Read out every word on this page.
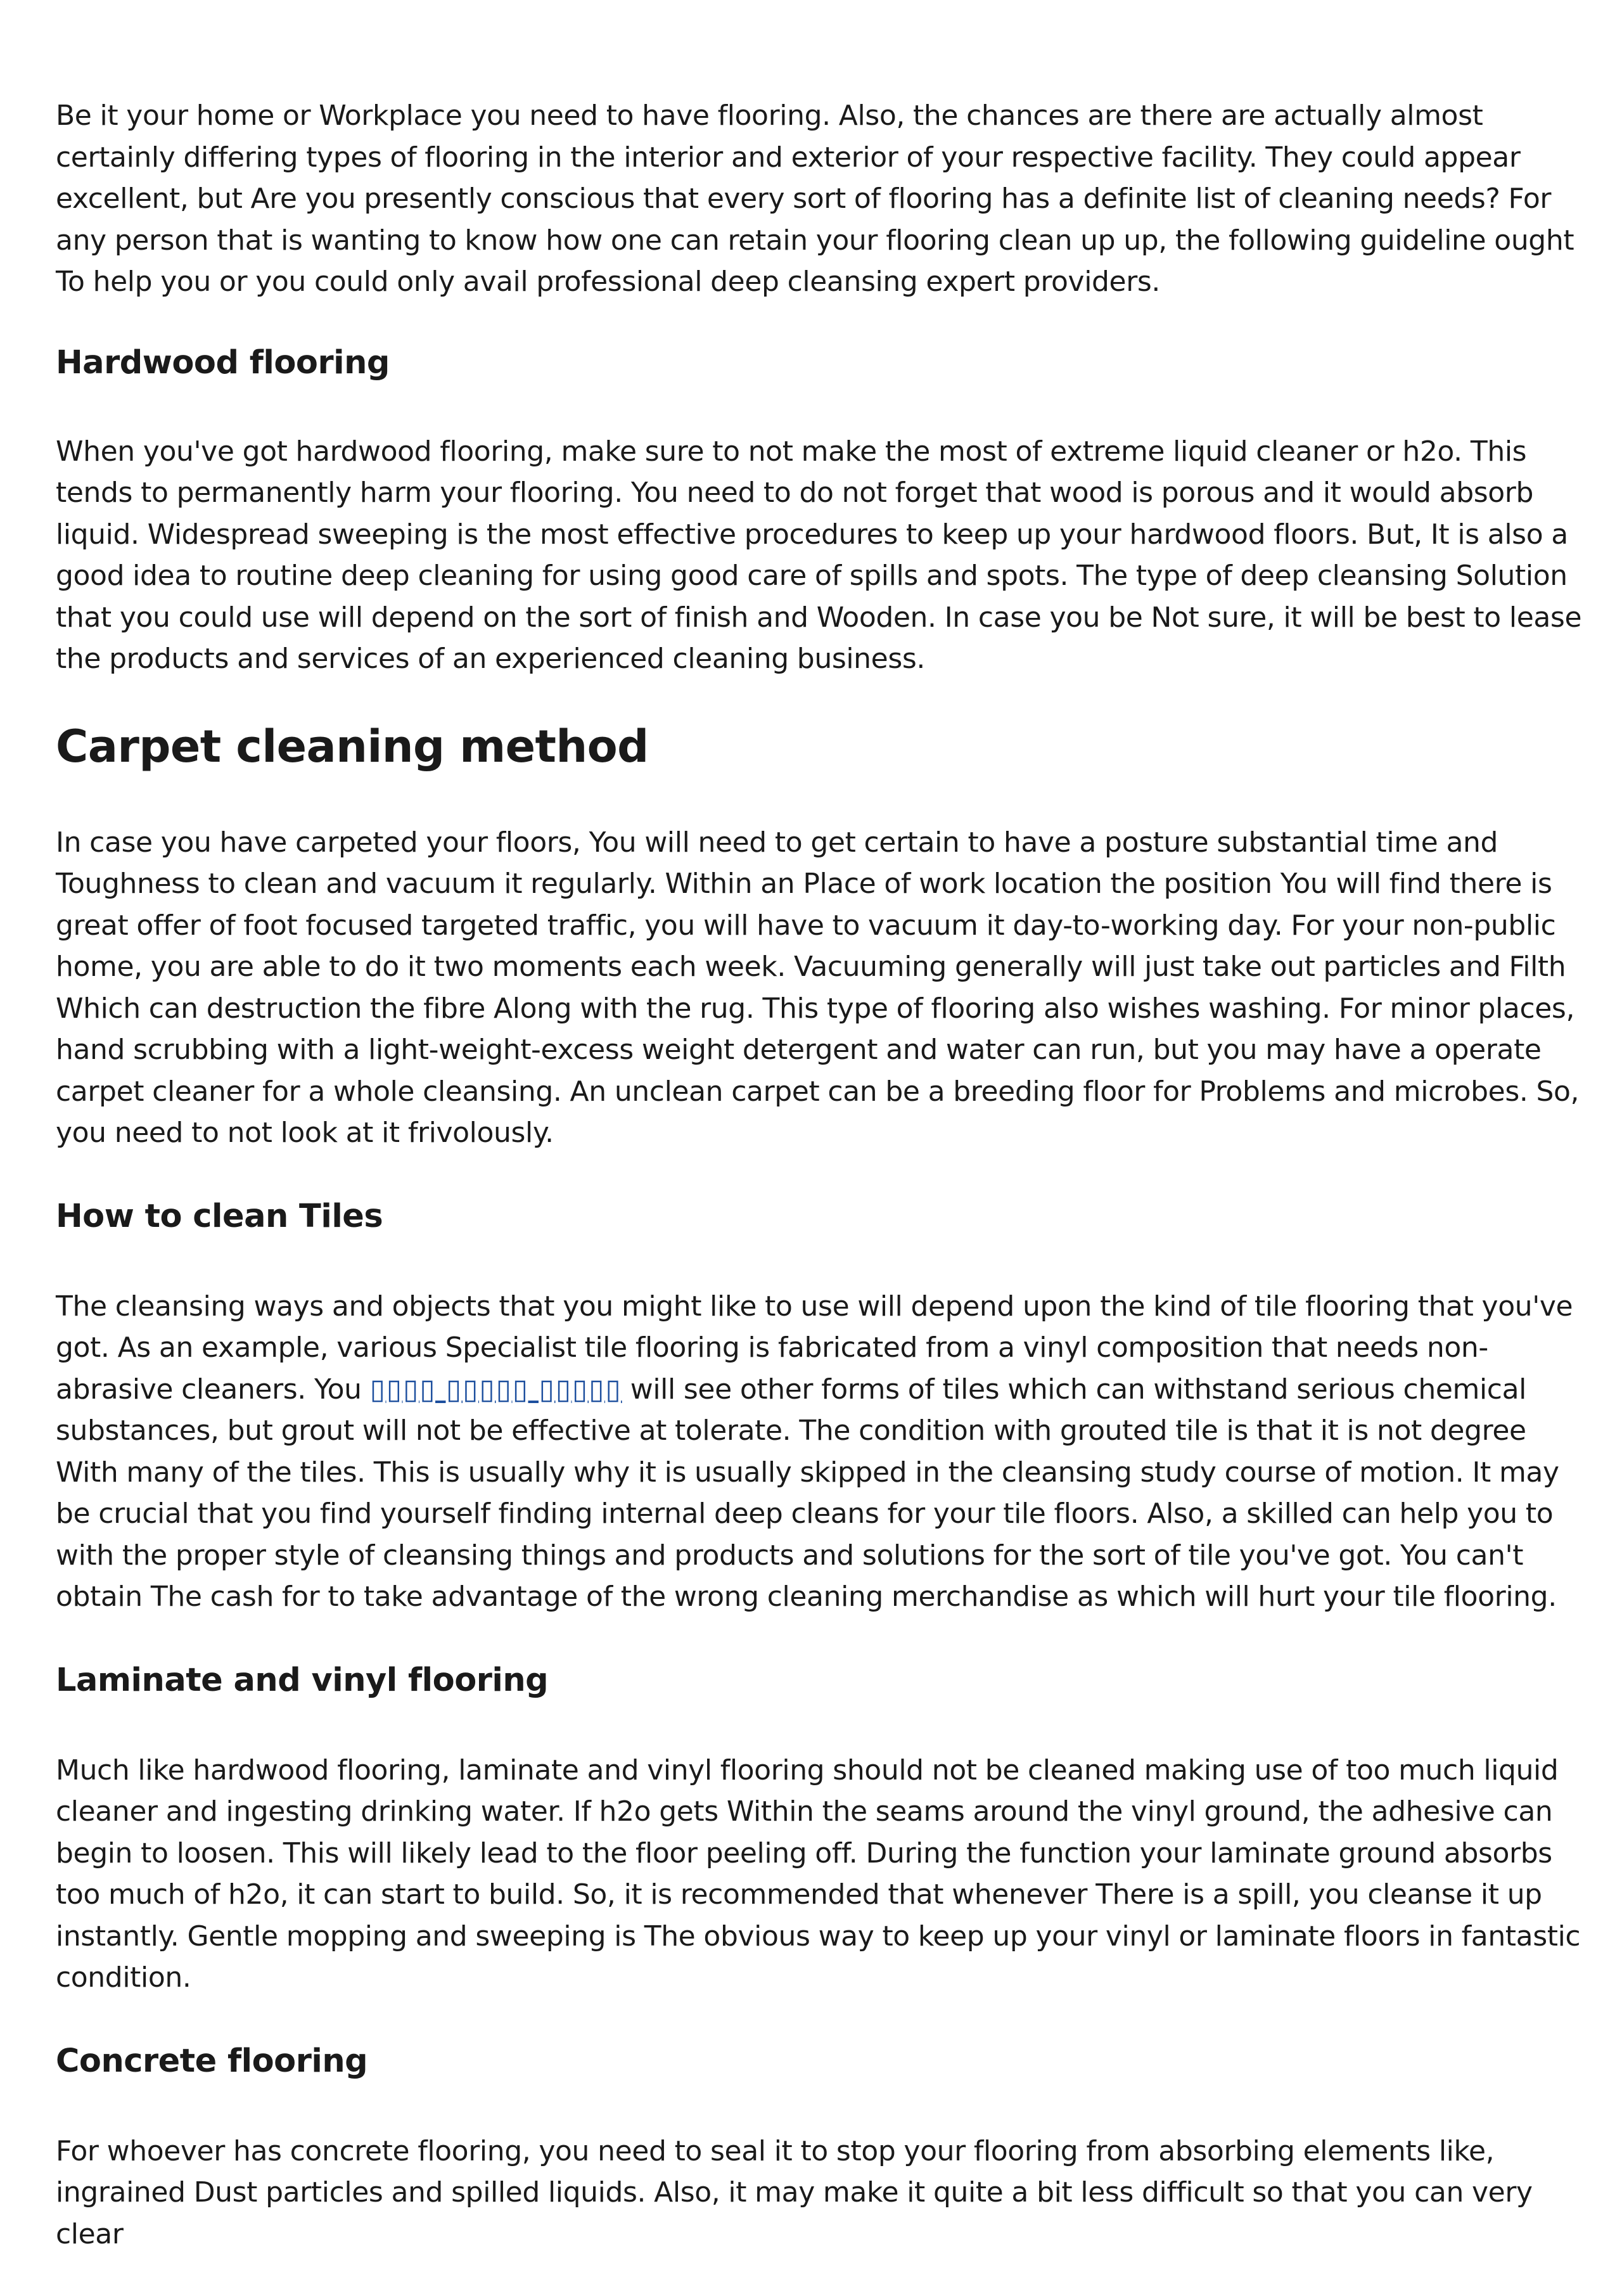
Be it your home or Workplace you need to have flooring. Also, the chances are there are actually almost certainly differing types of flooring in the interior and exterior of your respective facility. They could appear excellent, but Are you presently conscious that every sort of flooring has a definite list of cleaning needs? For any person that is wanting to know how one can retain your flooring clean up up, the following guideline ought To help you or you could only avail professional deep cleansing expert providers.

Hardwood flooring

When you've got hardwood flooring, make sure to not make the most of extreme liquid cleaner or h2o. This tends to permanently harm your flooring. You need to do not forget that wood is porous and it would absorb liquid. Widespread sweeping is the most effective procedures to keep up your hardwood floors. But, It is also a good idea to routine deep cleaning for using good care of spills and spots. The type of deep cleansing Solution that you could use will depend on the sort of finish and Wooden. In case you be Not sure, it will be best to lease the products and services of an experienced cleaning business.

Carpet cleaning method

In case you have carpeted your floors, You will need to get certain to have a posture substantial time and Toughness to clean and vacuum it regularly. Within an Place of work location the position You will find there is great offer of foot focused targeted traffic, you will have to vacuum it day-to-working day. For your non-public home, you are able to do it two moments each week. Vacuuming generally will just take out particles and Filth Which can destruction the fibre Along with the rug. This type of flooring also wishes washing. For minor places, hand scrubbing with a light-weight-excess weight detergent and water can run, but you may have a operate carpet cleaner for a whole cleansing. An unclean carpet can be a breeding floor for Problems and microbes. So, you need to not look at it frivolously.

How to clean Tiles

The cleansing ways and objects that you might like to use will depend upon the kind of tile flooring that you've got. As an example, various Specialist tile flooring is fabricated from a vinyl composition that needs non-abrasive cleaners. You ▯▯▯▯ ▯▯▯▯▯ ▯▯▯▯▯ will see other forms of tiles which can withstand serious chemical substances, but grout will not be effective at tolerate. The condition with grouted tile is that it is not degree With many of the tiles. This is usually why it is usually skipped in the cleansing study course of motion. It may be crucial that you find yourself finding internal deep cleans for your tile floors. Also, a skilled can help you to with the proper style of cleansing things and products and solutions for the sort of tile you've got. You can't obtain The cash for to take advantage of the wrong cleaning merchandise as which will hurt your tile flooring.

Laminate and vinyl flooring

Much like hardwood flooring, laminate and vinyl flooring should not be cleaned making use of too much liquid cleaner and ingesting drinking water. If h2o gets Within the seams around the vinyl ground, the adhesive can begin to loosen. This will likely lead to the floor peeling off. During the function your laminate ground absorbs too much of h2o, it can start to build. So, it is recommended that whenever There is a spill, you cleanse it up instantly. Gentle mopping and sweeping is The obvious way to keep up your vinyl or laminate floors in fantastic condition.

Concrete flooring

For whoever has concrete flooring, you need to seal it to stop your flooring from absorbing elements like, ingrained Dust particles and spilled liquids. Also, it may make it quite a bit less difficult so that you can very clear
